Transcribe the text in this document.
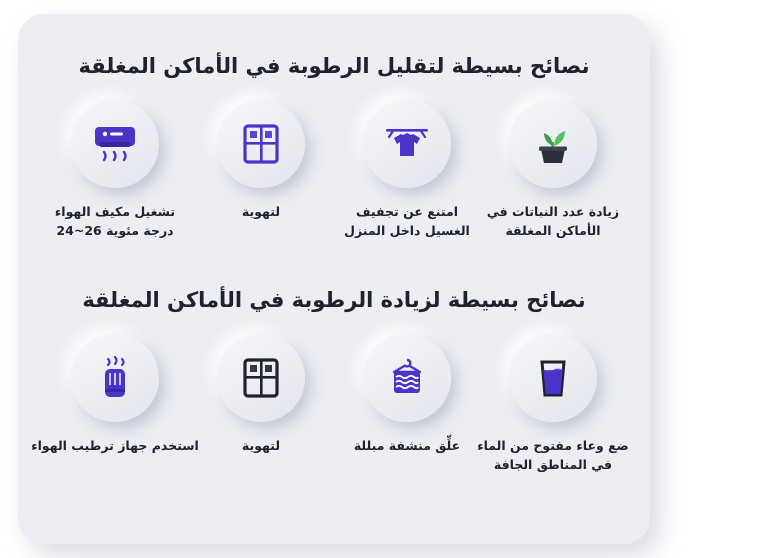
نصائح بسيطة لتقليل الرطوبة في الأماكن المغلقة
تشغيل مكيف الهواء
درجة مئوية 26~24
لتهوية	امتنع عن تجفيف
الغسيل داخل المنزل
زيادة عدد النباتات في
الأماكن المغلقة
نصائح بسيطة لزيادة الرطوبة في الأماكن المغلقة
استخدم جهاز ترطيب الهواء	لتهوية	علِّق منشفة مبللة ضع وعاء مفتوح من الماء
في المناطق الجافة
